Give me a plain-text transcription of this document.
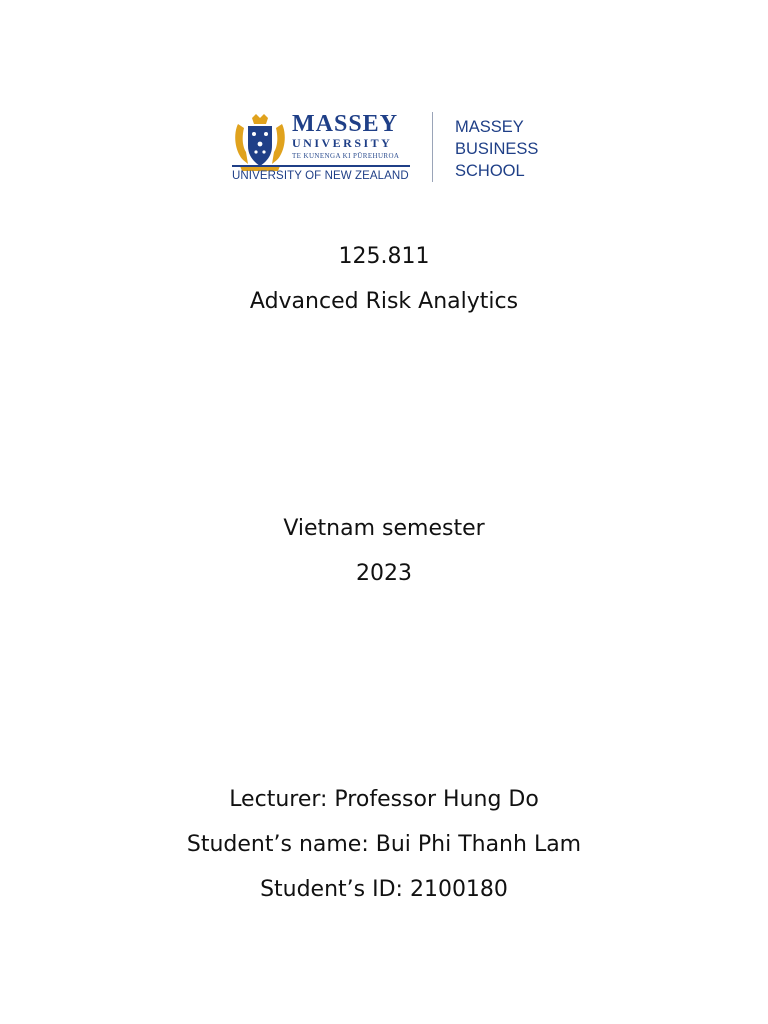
MASSEY
UNIVERSITY
TE KUNENGA KI PŪREHUROA
UNIVERSITY OF NEW ZEALAND
MASSEY
BUSINESS
SCHOOL
125.811
Advanced Risk Analytics
Vietnam semester
2023
Lecturer: Professor Hung Do
Student’s name: Bui Phi Thanh Lam
Student’s ID: 2100180
